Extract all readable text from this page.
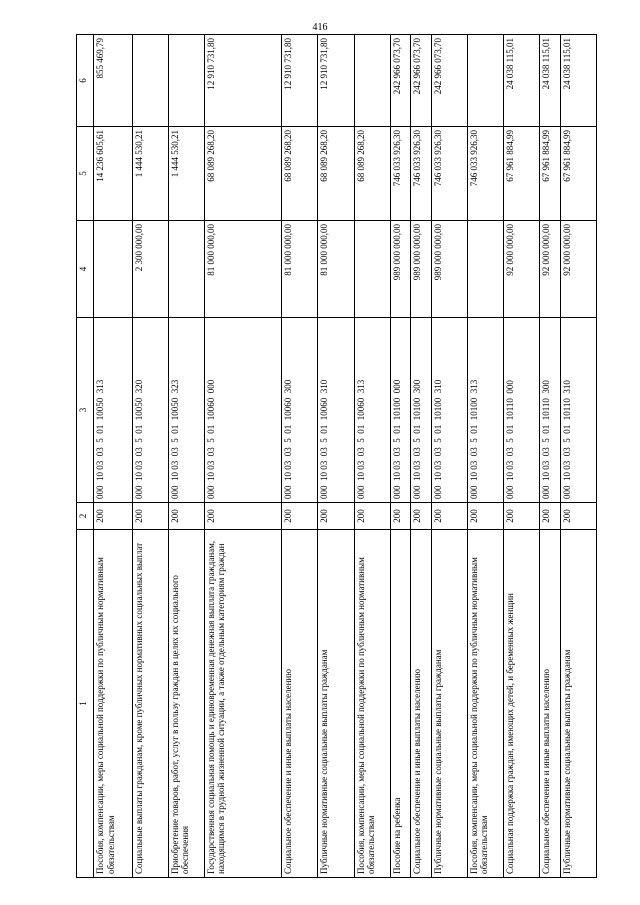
416
1	2	3	4	5	6
Пособия, компенсации, меры социальной поддержки по публичным нормативным обязательствам	200	000  10 03  03  5  01  10050  313		14 236 605,61	855 469,79
Социальные выплаты гражданам, кроме публичных нормативных социальных выплат	200	000  10 03  03  5  01  10050  320	2 300 000,00	1 444 530,21	
Приобретение товаров, работ, услуг в пользу граждан в целях их социального обеспечения	200	000  10 03  03  5  01  10050  323		1 444 530,21	
Государственная социальная помощь и единовременная денежная выплата гражданам, находящимся в трудной жизненной ситуации, а также отдельным категориям граждан	200	000  10 03  03  5  01  10060  000	81 000 000,00	68 089 268,20	12 910 731,80
Социальное обеспечение и иные выплаты населению	200	000  10 03  03  5  01  10060  300	81 000 000,00	68 089 268,20	12 910 731,80
Публичные нормативные социальные выплаты гражданам	200	000  10 03  03  5  01  10060  310	81 000 000,00	68 089 268,20	12 910 731,80
Пособия, компенсации, меры социальной поддержки по публичным нормативным обязательствам	200	000  10 03  03  5  01  10060  313		68 089 268,20	
Пособие на ребенка	200	000  10 03  03  5  01  10100  000	989 000 000,00	746 033 926,30	242 966 073,70
Социальное обеспечение и иные выплаты населению	200	000  10 03  03  5  01  10100  300	989 000 000,00	746 033 926,30	242 966 073,70
Публичные нормативные социальные выплаты гражданам	200	000  10 03  03  5  01  10100  310	989 000 000,00	746 033 926,30	242 966 073,70
Пособия, компенсации, меры социальной поддержки по публичным нормативным обязательствам	200	000  10 03  03  5  01  10100  313		746 033 926,30	
Социальная поддержка граждан, имеющих детей, и беременных женщин	200	000  10 03  03  5  01  10110  000	92 000 000,00	67 961 884,99	24 038 115,01
Социальное обеспечение и иные выплаты населению	200	000  10 03  03  5  01  10110  300	92 000 000,00	67 961 884,99	24 038 115,01
Публичные нормативные социальные выплаты гражданам	200	000  10 03  03  5  01  10110  310	92 000 000,00	67 961 884,99	24 038 115,01
